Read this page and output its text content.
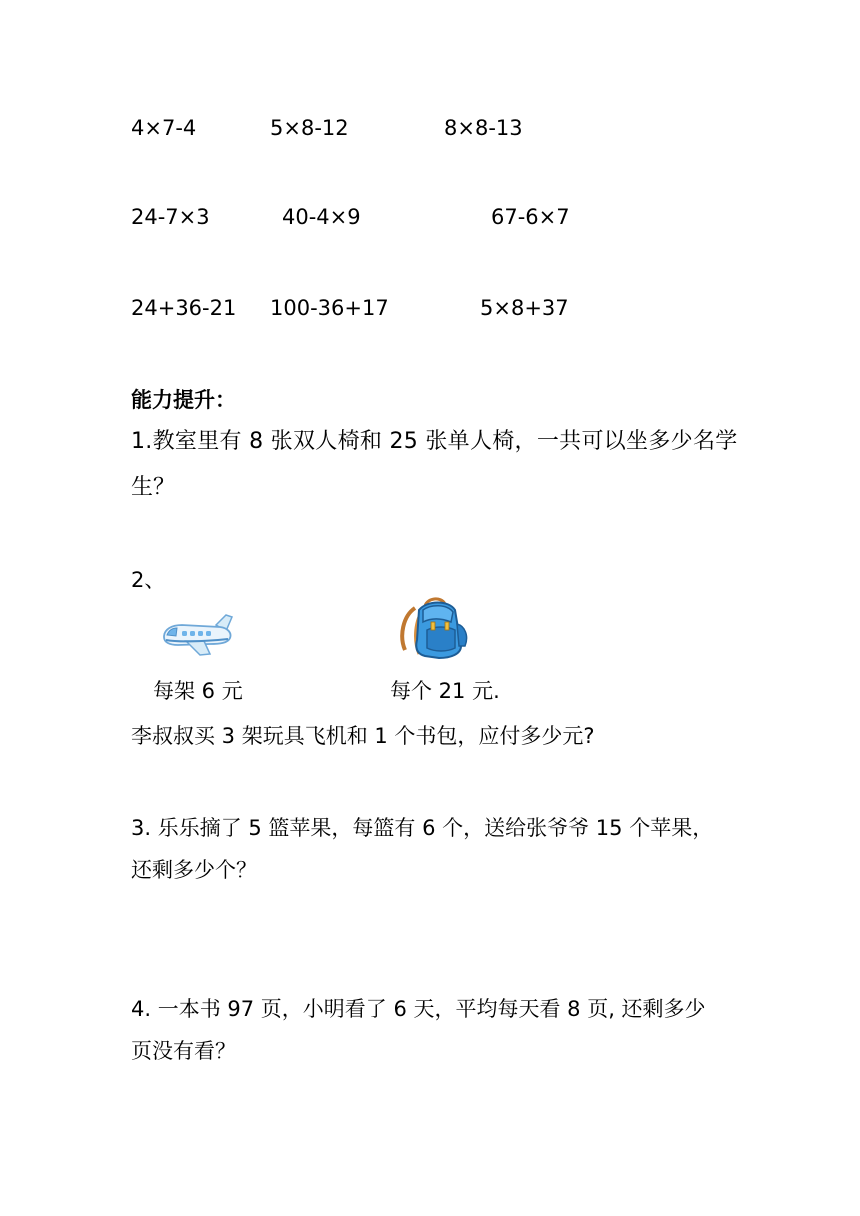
4×7-4	5×8-12	8×8-13
24-7×3	40-4×9	67-6×7
24+36-21 100-36+17	5×8+37
能力提升：
1.教室里有 8 张双人椅和 25 张单人椅，一共可以坐多少名学
生？
2、
每架 6 元	每个 21 元.
李叔叔买 3 架玩具飞机和 1 个书包，应付多少元?
3. 乐乐摘了 5 篮苹果，每篮有 6 个，送给张爷爷 15 个苹果，
还剩多少个？
4. 一本书 97 页，小明看了 6 天，平均每天看 8 页, 还剩多少
页没有看？
